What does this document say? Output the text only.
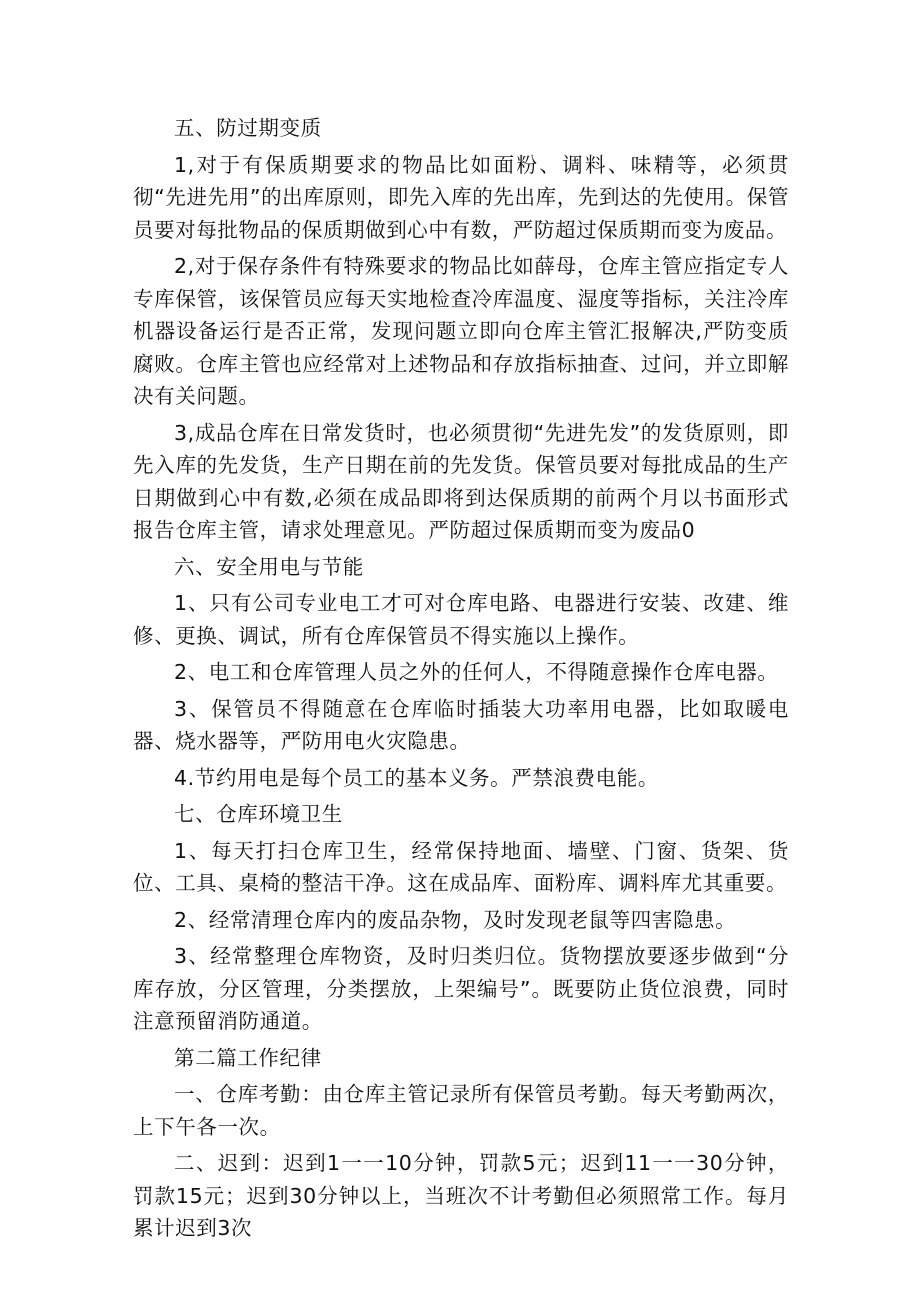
五、防过期变质

1,对于有保质期要求的物品比如面粉、调料、味精等，必须贯彻“先进先用”的出库原则，即先入库的先出库，先到达的先使用。保管员要对每批物品的保质期做到心中有数，严防超过保质期而变为废品。

2,对于保存条件有特殊要求的物品比如薛母，仓库主管应指定专人专库保管，该保管员应每天实地检查冷库温度、湿度等指标，关注冷库机器设备运行是否正常，发现问题立即向仓库主管汇报解决,严防变质腐败。仓库主管也应经常对上述物品和存放指标抽查、过问，并立即解决有关问题。

3,成品仓库在日常发货时，也必须贯彻“先进先发”的发货原则，即先入库的先发货，生产日期在前的先发货。保管员要对每批成品的生产日期做到心中有数,必须在成品即将到达保质期的前两个月以书面形式报告仓库主管，请求处理意见。严防超过保质期而变为废品0

六、安全用电与节能

1、只有公司专业电工才可对仓库电路、电器进行安装、改建、维修、更换、调试，所有仓库保管员不得实施以上操作。

2、电工和仓库管理人员之外的任何人，不得随意操作仓库电器。

3、保管员不得随意在仓库临时插装大功率用电器，比如取暖电器、烧水器等，严防用电火灾隐患。

4.节约用电是每个员工的基本义务。严禁浪费电能。

七、仓库环境卫生

1、每天打扫仓库卫生，经常保持地面、墙壁、门窗、货架、货位、工具、桌椅的整洁干净。这在成品库、面粉库、调料库尤其重要。

2、经常清理仓库内的废品杂物，及时发现老鼠等四害隐患。

3、经常整理仓库物资，及时归类归位。货物摆放要逐步做到“分库存放，分区管理，分类摆放，上架编号”。既要防止货位浪费，同时注意预留消防通道。

第二篇工作纪律

一、仓库考勤：由仓库主管记录所有保管员考勤。每天考勤两次，上下午各一次。

二、迟到：迟到1一一10分钟，罚款5元；迟到11一一30分钟，罚款15元；迟到30分钟以上，当班次不计考勤但必须照常工作。每月累计迟到3次
